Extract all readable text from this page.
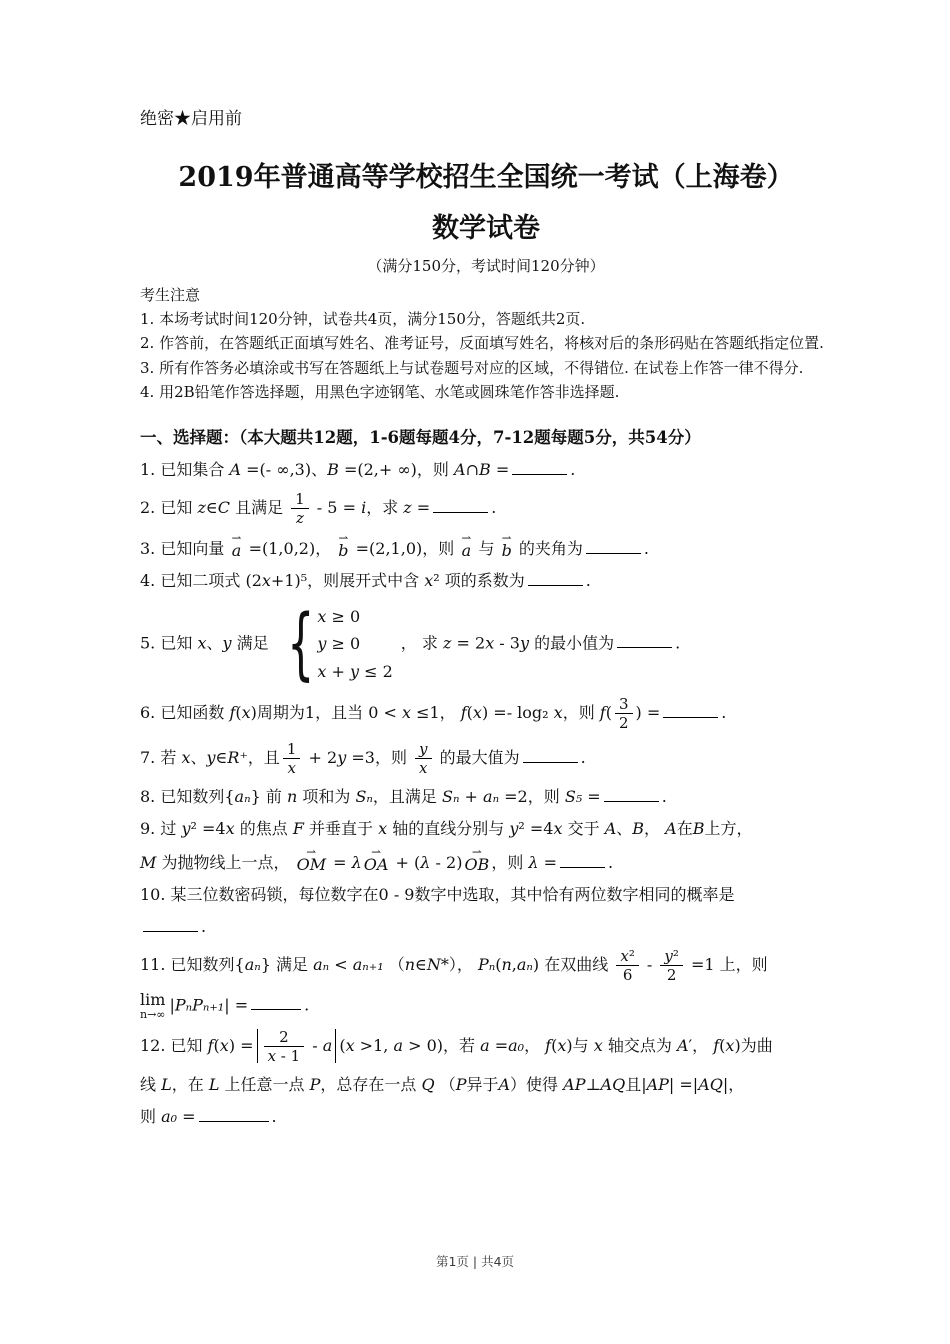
绝密★启用前
2019年普通高等学校招生全国统一考试（上海卷）
数学试卷
（满分150分，考试时间120分钟）
考生注意
1. 本场考试时间120分钟，试卷共4页，满分150分，答题纸共2页.
2. 作答前，在答题纸正面填写姓名、准考证号，反面填写姓名，将核对后的条形码贴在答题纸指定位置.
3. 所有作答务必填涂或书写在答题纸上与试卷题号对应的区域，不得错位. 在试卷上作答一律不得分.
4. 用2B铅笔作答选择题，用黑色字迹钢笔、水笔或圆珠笔作答非选择题.
一、选择题：（本大题共12题，1-6题每题4分，7-12题每题5分，共54分）
1. 已知集合 A =(- ∞,3)、B =(2,+ ∞)，则 A∩B =	.
2. 已知 z∈C 且满足 $\frac{1}{z} - 5 = i$，求 z =	.
3. 已知向量
⇀
a =(1,0,2)，
⇀
b =(2,1,0)，则
⇀
a 与
⇀
b 的夹角为	.
4. 已知二项式 (2x+1)⁵，则展开式中含 x² 项的系数为	.
5. 已知 x、y 满足 { x ≥ 0
y ≥ 0
x + y ≤ 2
， 求 z = 2x - 3y 的最小值为	.
6. 已知函数 f(x)周期为1，且当 0 < x ≤1， f(x) =- log₂ x，则 $f( \frac{3}{2}$ ) =	.
7. 若 x、y∈R⁺，且 $\frac{1}{x} + 2y =3$，则 $\frac{y}{x}$ 的最大值为	.
8. 已知数列{aₙ} 前 n 项和为 Sₙ，且满足 Sₙ + aₙ =2，则 S₅ =	.
9. 过 y² =4x 的焦点 F 并垂直于 x 轴的直线分别与 y² =4x 交于 A、B， A在B上方，
M 为抛物线上一点，
⇀
OM = λ
⇀
OA + (λ - 2)
⇀
OB ，则 λ =	.
10. 某三位数密码锁，每位数字在0 - 9数字中选取，其中恰有两位数字相同的概率是
.
11. 已知数列{aₙ} 满足 aₙ < aₙ₊₁ （n∈N*）， Pₙ(n,aₙ) 在双曲线 $\frac{\text{x²}}{6} - \frac{\text{y²}}{2} =1$ 上，则
lim
n→∞ |PₙPₙ₊₁| =	.
12. 已知 $f(x) = \frac{2}{x - 1} - a$ (x >1, a > 0)，若 a =a₀， f(x)与 x 轴交点为 A′， f(x)为曲
线 L，在 L 上任意一点 P，总存在一点 Q （P异于A）使得 AP⊥AQ且|AP| =|AQ|，
则 a₀ =	.
第1页 | 共4页
